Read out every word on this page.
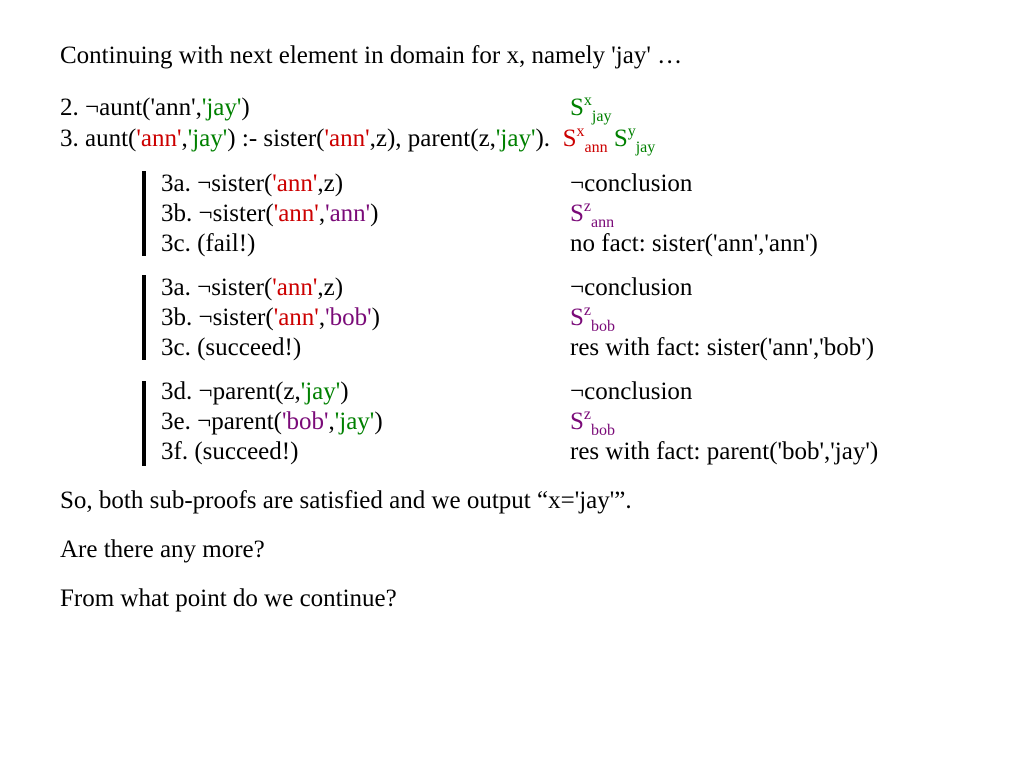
Continuing with next element in domain for x, namely 'jay' …
2. ¬aunt('ann','jay')	$S^x_{jay}$
3. aunt('ann','jay') :- sister('ann',z), parent(z,'jay'). $S^x_{ann}$ $S^y_{jay}$
3a. ¬sister('ann',z)	¬conclusion
3b. ¬sister('ann','ann')	$S^z_{ann}$
3c. (fail!)	no fact: sister('ann','ann')
3a. ¬sister('ann',z)	¬conclusion
3b. ¬sister('ann','bob')	$S^z_{bob}$
3c. (succeed!)	res with fact: sister('ann','bob')
3d. ¬parent(z,'jay')	¬conclusion
3e. ¬parent('bob','jay')	$S^z_{bob}$
3f. (succeed!)	res with fact: parent('bob','jay')
So, both sub-proofs are satisfied and we output “x='jay'”.
Are there any more?
From what point do we continue?
